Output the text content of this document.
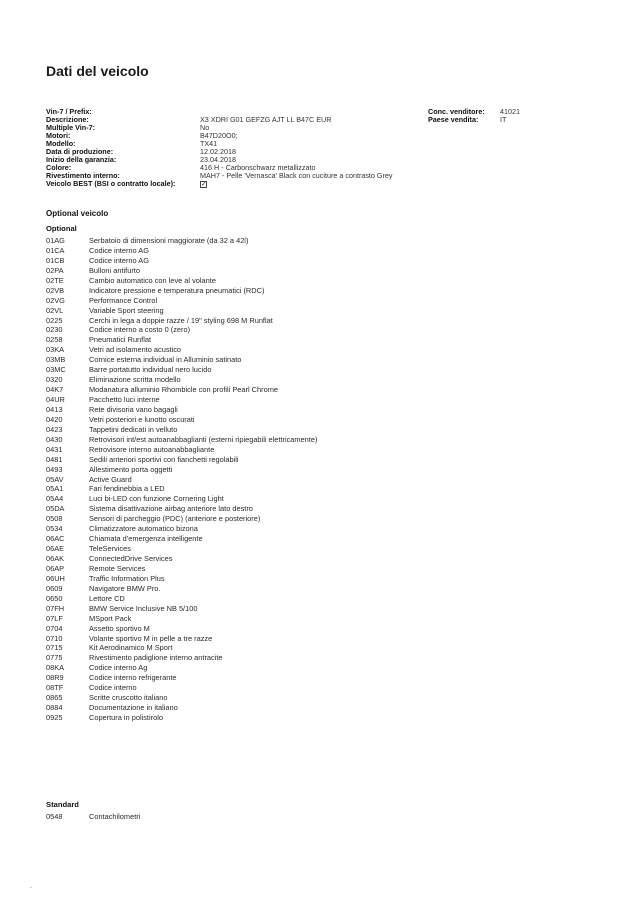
Dati del veicolo
Vin-7 / Prefix:
Descrizione:	X3 XDRI G01 GEFZG AJT LL B47C EUR
Multiple Vin-7:	No
Motori:	B47D20O0;
Modello:	TX41
Data di produzione:	12.02.2018
Inizio della garanzia:	23.04.2018
Colore:	416 H - Carbonschwarz metallizzato
Rivestimento interno:	MAH7 - Pelle 'Vernasca' Black con cuciture a contrasto Grey
Veicolo BEST (BSI o contratto locale):	✓
Conc. venditore: 41021
Paese vendita:	IT
Optional veicolo
Optional
01AG	Serbatoio di dimensioni maggiorate (da 32 a 42l)
01CA	Codice interno AG
01CB	Codice interno AG
02PA	Bulloni antifurto
02TE	Cambio automatico con leve al volante
02VB	Indicatore pressione e temperatura pneumatici (RDC)
02VG	Performance Control
02VL	Variable Sport steering
0225	Cerchi in lega a doppie razze / 19" styling 698 M Runflat
0230	Codice interno a costo 0 (zero)
0258	Pneumatici Runflat
03KA	Vetri ad isolamento acustico
03MB	Cornice esterna individual in Alluminio satinato
03MC	Barre portatutto individual nero lucido
0320	Eliminazione scritta modello
04K7	Modanatura alluminio Rhombicle con profili Pearl Chrome
04UR	Pacchetto luci interne
0413	Rete divisoria vano bagagli
0420	Vetri posteriori e lunotto oscurati
0423	Tappetini dedicati in velluto
0430	Retrovisori int/est autoanabbaglianti (esterni ripiegabili elettricamente)
0431	Retrovisore interno autoanabbagliante
0481	Sedili anteriori sportivi con fianchetti regolabili
0493	Allestimento porta oggetti
05AV	Active Guard
05A1	Fari fendinebbia a LED
05A4	Luci bi-LED con funzione Cornering Light
05DA	Sistema disattivazione airbag anteriore lato destro
0508	Sensori di parcheggio (PDC) (anteriore e posteriore)
0534	Climatizzatore automatico bizona
06AC	Chiamata d'emergenza intelligente
06AE	TeleServices
06AK	ConnectedDrive Services
06AP	Remote Services
06UH	Traffic Information Plus
0609	Navigatore BMW Pro.
0650	Lettore CD
07FH	BMW Service Inclusive NB 5/100
07LF	MSport Pack
0704	Assetto sportivo M
0710	Volante sportivo M in pelle a tre razze
0715	Kit Aerodinamico M Sport
0775	Rivestimento padiglione interno antracite
08KA	Codice interno Ag
08R9	Codice interno refrigerante
08TF	Codice interno
0865	Scritte cruscotto italiano
0884	Documentazione in italiano
0925	Copertura in polistirolo
Standard
0548	Contachilometri
-
